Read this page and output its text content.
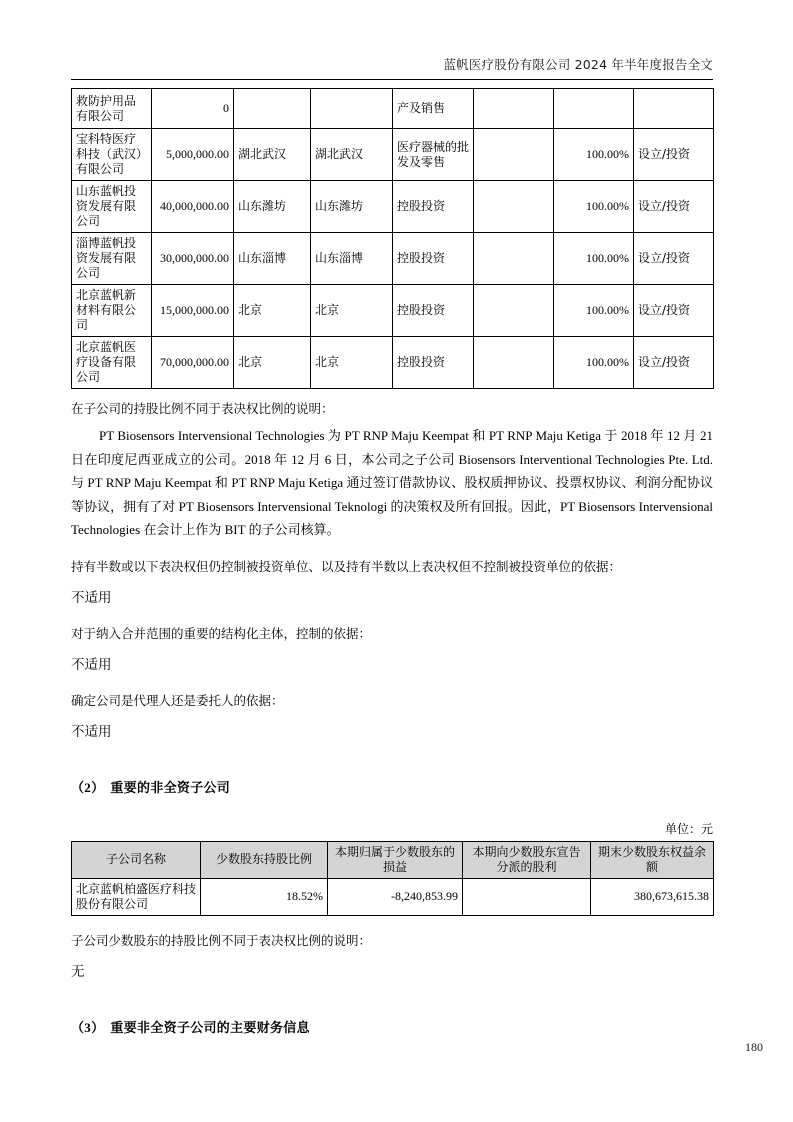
蓝帆医疗股份有限公司 2024 年半年度报告全文
救防护用品有限公司	0			产及销售			
宝科特医疗科技（武汉）有限公司	5,000,000.00	湖北武汉	湖北武汉	医疗器械的批发及零售		100.00%	设立/投资
山东蓝帆投资发展有限公司	40,000,000.00	山东潍坊	山东潍坊	控股投资		100.00%	设立/投资
淄博蓝帆投资发展有限公司	30,000,000.00	山东淄博	山东淄博	控股投资		100.00%	设立/投资
北京蓝帆新材料有限公司	15,000,000.00	北京	北京	控股投资		100.00%	设立/投资
北京蓝帆医疗设备有限公司	70,000,000.00	北京	北京	控股投资		100.00%	设立/投资

在子公司的持股比例不同于表决权比例的说明：

PT Biosensors Intervensional Technologies 为 PT RNP Maju Keempat 和 PT RNP Maju Ketiga 于 2018 年 12 月 21 日在印度尼西亚成立的公司。2018 年 12 月 6 日，本公司之子公司 Biosensors Interventional Technologies Pte. Ltd.与 PT RNP Maju Keempat 和 PT RNP Maju Ketiga 通过签订借款协议、股权质押协议、投票权协议、利润分配协议等协议，拥有了对 PT Biosensors Intervensional Teknologi 的决策权及所有回报。因此，PT Biosensors Intervensional Technologies 在会计上作为 BIT 的子公司核算。

持有半数或以下表决权但仍控制被投资单位、以及持有半数以上表决权但不控制被投资单位的依据：

不适用

对于纳入合并范围的重要的结构化主体，控制的依据：

不适用

确定公司是代理人还是委托人的依据：

不适用

（2） 重要的非全资子公司
单位：元
子公司名称	少数股东持股比例	本期归属于少数股东的损益	本期向少数股东宣告分派的股利	期末少数股东权益余额
北京蓝帆柏盛医疗科技股份有限公司	18.52%	-8,240,853.99		380,673,615.38

子公司少数股东的持股比例不同于表决权比例的说明：

无

（3） 重要非全资子公司的主要财务信息
180
